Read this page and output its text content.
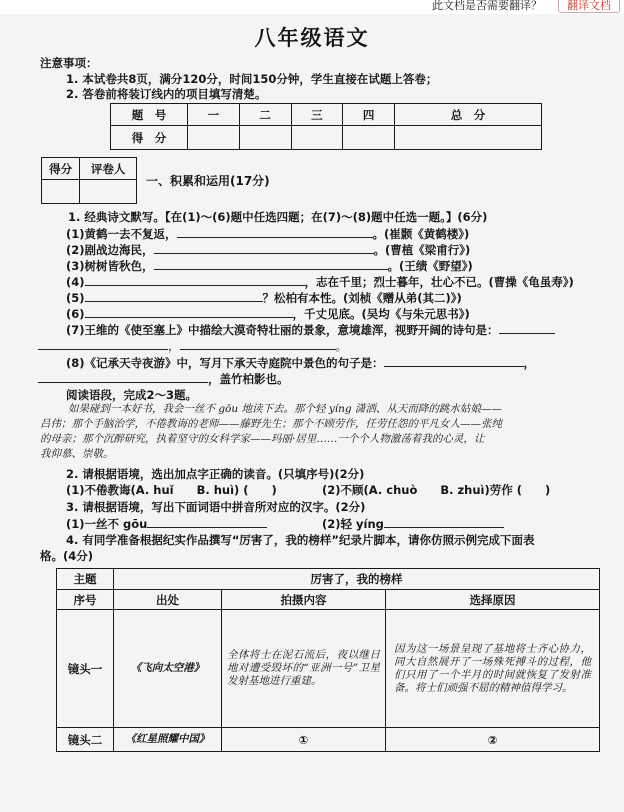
此文档是否需要翻译？	翻译文档
八年级语文
注意事项：
1. 本试卷共8页，满分120分，时间150分钟，学生直接在试题上答卷；
2. 答卷前将装订线内的项目填写清楚。
题　号	一	二	三	四	总　分
得　分					
得分	评卷人

一、积累和运用(17分)
1. 经典诗文默写。【在(1)～(6)题中任选四题；在(7)～(8)题中任选一题。】(6分)
(1)黄鹤一去不复返，	。(崔颢《黄鹤楼》)
(2)剧战边海民，	。(曹植《梁甫行》)
(3)树树皆秋色，	。(王绩《野望》)
(4)	，志在千里；烈士暮年，壮心不已。(曹操《龟虽寿》)
(5)	？松柏有本性。(刘桢《赠从弟(其二)》)
(6)	，千丈见底。(吴均《与朱元思书》)
(7)王维的《使至塞上》中描绘大漠奇特壮丽的景象，意境雄浑，视野开阔的诗句是：
，	。
(8)《记承天寺夜游》中，写月下承天寺庭院中景色的句子是：	，
，盖竹柏影也。
阅读语段，完成2～3题。
如果碰到一本好书，我会一丝不 gōu 地读下去。那个轻 yíng 潇洒、从天而降的跳水姑娘——
吕伟；那个手脑治学，不倦教诲的老师——藤野先生；那个不顾劳作，任劳任怨的平凡女人——张纯
的母亲；那个沉醉研究，执着坚守的女科学家——玛丽·居里……一个个人物激荡着我的心灵，让
我仰慕、崇敬。
2. 请根据语境，选出加点字正确的读音。(只填序号)(2分)
(1)不倦教诲(A. huǐ　　B. huì) (　　)	(2)不顾(A. chuò　　B. zhuì)劳作 (　　)
3. 请根据语境，写出下面词语中拼音所对应的汉字。(2分)
(1)一丝不 gōu	(2)轻 yíng
4. 有同学准备根据纪实作品撰写“厉害了，我的榜样”纪录片脚本，请你仿照示例完成下面表
格。(4分)
主题	厉害了，我的榜样		
序号	出处	拍摄内容	选择原因
镜头一	《飞向太空港》	全体将士在泥石流后，夜以继日地对遭受毁坏的“亚洲一号”卫星发射基地进行重建。	因为这一场景呈现了基地将士齐心协力，同大自然展开了一场殊死搏斗的过程，他们只用了一个半月的时间就恢复了发射准备。将士们顽强不屈的精神值得学习。

镜头二	《红星照耀中国》	①	②
